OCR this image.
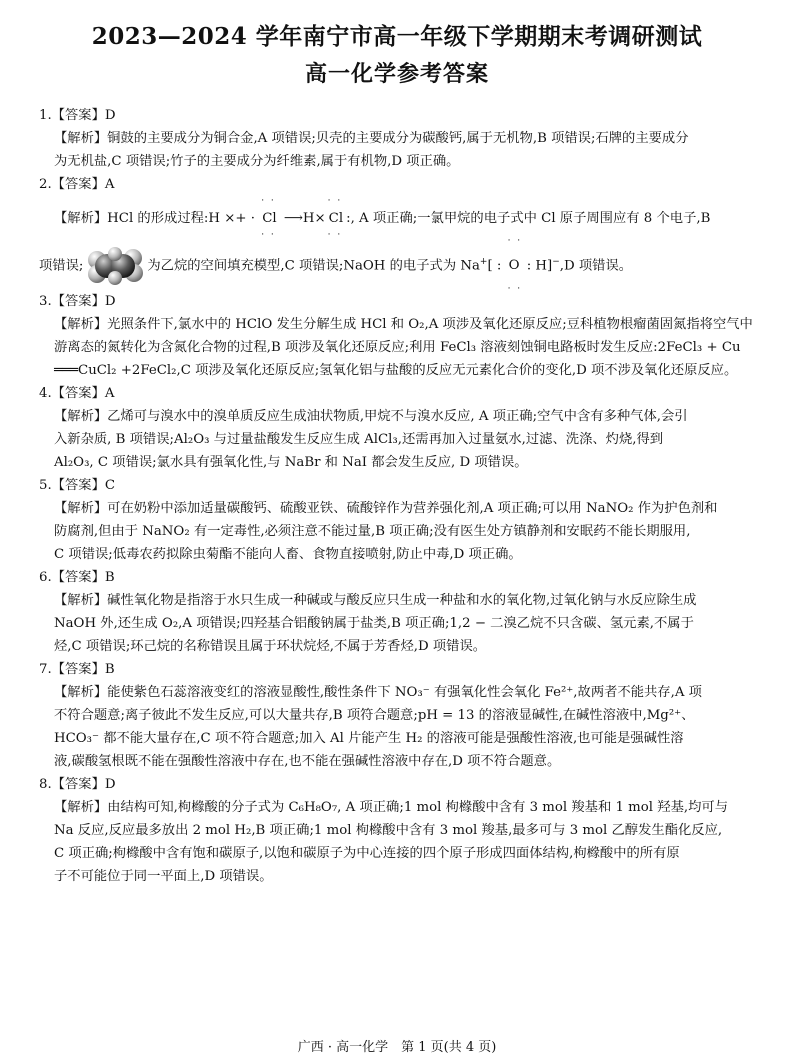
2023—2024 学年南宁市高一年级下学期期末考调研测试
高一化学参考答案
1.【答案】D

【解析】铜鼓的主要成分为铜合金,A 项错误;贝壳的主要成分为碳酸钙,属于无机物,B 项错误;石牌的主要成分

为无机盐,C 项错误;竹子的主要成分为纤维素,属于有机物,D 项正确。

2.【答案】A
【解析】HCl 的形成过程:H ×+ ·
· ·
Cl
· ·
⟶H×
· ·
Cl
· ·
:, A 项正确;一氯甲烷的电子式中 Cl 原子周围应有 8 个电子,B
项错误;	为乙烷的空间填充模型,C 项错误;NaOH 的电子式为 Na+[ :
· ·
O
· ·
: H]−,D 项错误。
3.【答案】D

【解析】光照条件下,氯水中的 HClO 发生分解生成 HCl 和 O₂,A 项涉及氧化还原反应;豆科植物根瘤菌固氮指将空气中

游离态的氮转化为含氮化合物的过程,B 项涉及氧化还原反应;利用 FeCl₃ 溶液刻蚀铜电路板时发生反应:2FeCl₃ + Cu

═══CuCl₂ +2FeCl₂,C 项涉及氧化还原反应;氢氧化铝与盐酸的反应无元素化合价的变化,D 项不涉及氧化还原反应。

4.【答案】A

【解析】乙烯可与溴水中的溴单质反应生成油状物质,甲烷不与溴水反应, A 项正确;空气中含有多种气体,会引

入新杂质, B 项错误;Al₂O₃ 与过量盐酸发生反应生成 AlCl₃,还需再加入过量氨水,过滤、洗涤、灼烧,得到

Al₂O₃, C 项错误;氯水具有强氧化性,与 NaBr 和 NaI 都会发生反应, D 项错误。

5.【答案】C

【解析】可在奶粉中添加适量碳酸钙、硫酸亚铁、硫酸锌作为营养强化剂,A 项正确;可以用 NaNO₂ 作为护色剂和

防腐剂,但由于 NaNO₂ 有一定毒性,必须注意不能过量,B 项正确;没有医生处方镇静剂和安眠药不能长期服用,

C 项错误;低毒农药拟除虫菊酯不能向人畜、食物直接喷射,防止中毒,D 项正确。

6.【答案】B

【解析】碱性氧化物是指溶于水只生成一种碱或与酸反应只生成一种盐和水的氧化物,过氧化钠与水反应除生成

NaOH 外,还生成 O₂,A 项错误;四羟基合铝酸钠属于盐类,B 项正确;1,2 − 二溴乙烷不只含碳、氢元素,不属于

烃,C 项错误;环己烷的名称错误且属于环状烷烃,不属于芳香烃,D 项错误。

7.【答案】B

【解析】能使紫色石蕊溶液变红的溶液显酸性,酸性条件下 NO₃⁻ 有强氧化性会氧化 Fe²⁺,故两者不能共存,A 项

不符合题意;离子彼此不发生反应,可以大量共存,B 项符合题意;pH = 13 的溶液显碱性,在碱性溶液中,Mg²⁺、

HCO₃⁻ 都不能大量存在,C 项不符合题意;加入 Al 片能产生 H₂ 的溶液可能是强酸性溶液,也可能是强碱性溶

液,碳酸氢根既不能在强酸性溶液中存在,也不能在强碱性溶液中存在,D 项不符合题意。

8.【答案】D

【解析】由结构可知,枸橼酸的分子式为 C₆H₈O₇, A 项正确;1 mol 枸橼酸中含有 3 mol 羧基和 1 mol 羟基,均可与

Na 反应,反应最多放出 2 mol H₂,B 项正确;1 mol 枸橼酸中含有 3 mol 羧基,最多可与 3 mol 乙醇发生酯化反应,

C 项正确;枸橼酸中含有饱和碳原子,以饱和碳原子为中心连接的四个原子形成四面体结构,枸橼酸中的所有原

子不可能位于同一平面上,D 项错误。

广西 · 高一化学　第 1 页(共 4 页)
